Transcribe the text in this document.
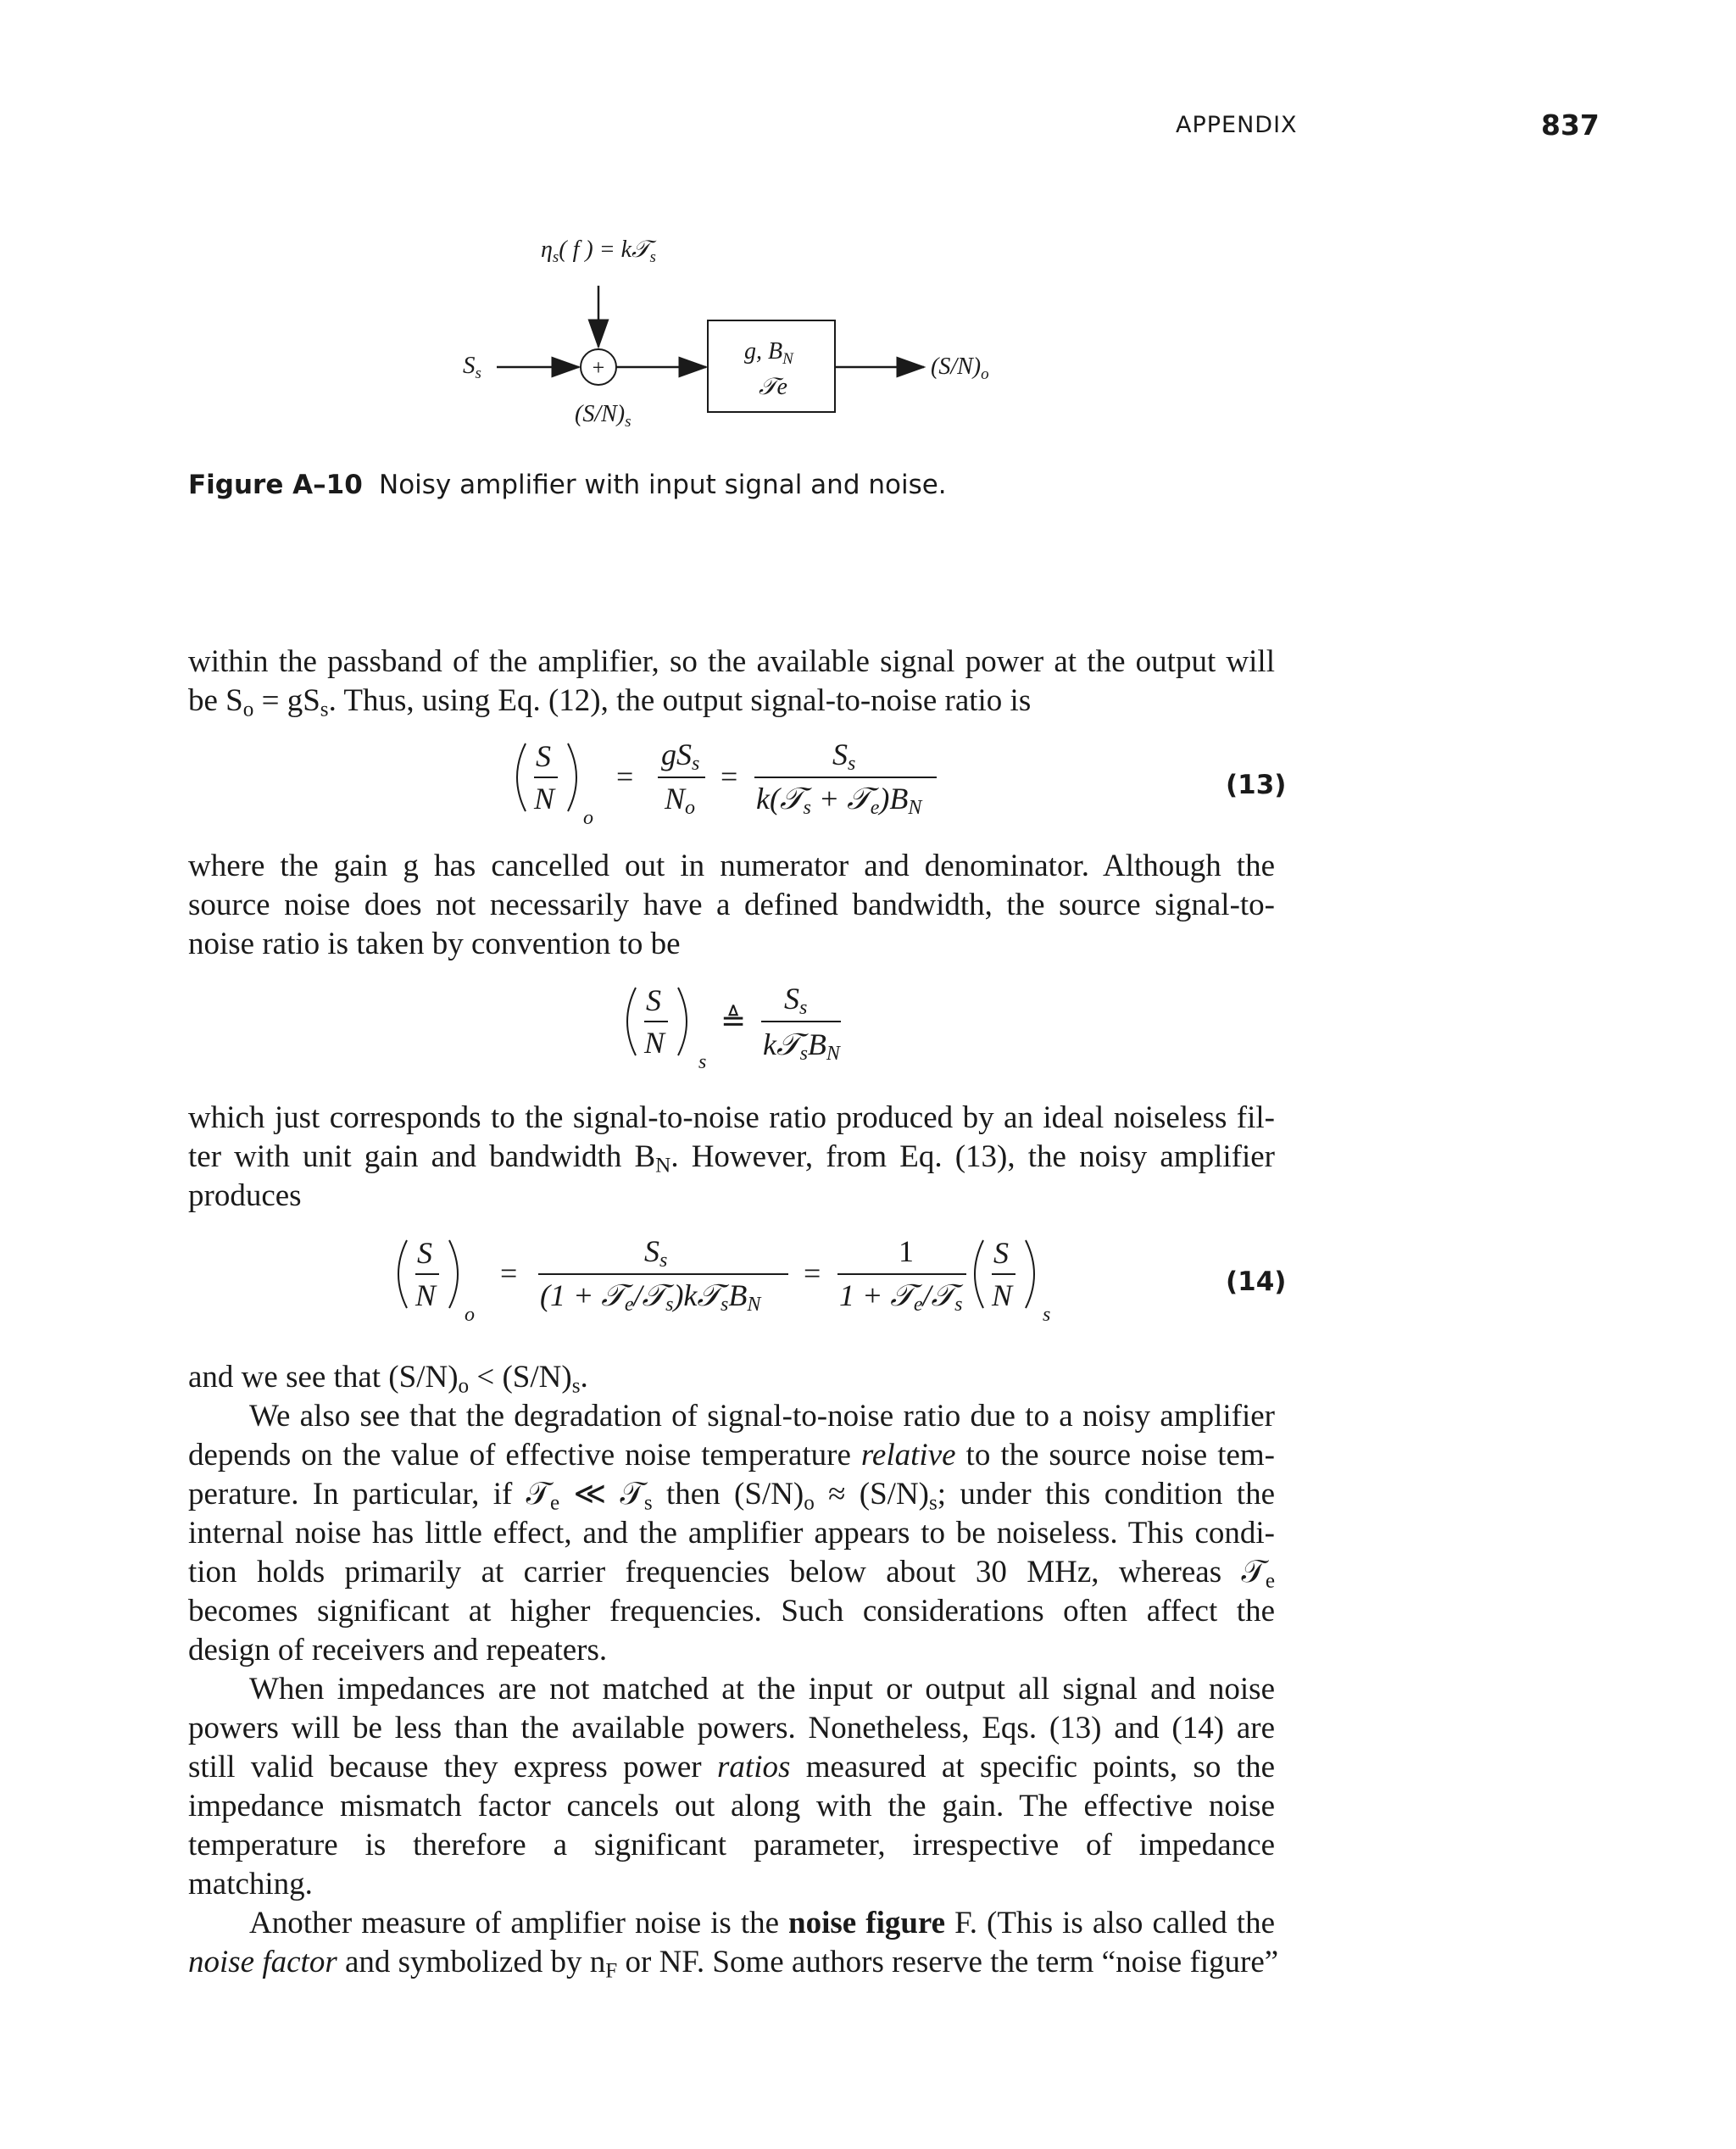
APPENDIX	837
$\eta_s$( f ) = k𝒯$_s$
$S_s$	+
$(S/N)_s$
g, $B_N$
𝒯e
$(S/N)_o$
Figure A–10 Noisy amplifier with input signal and noise.
within the passband of the amplifier, so the available signal power at the output will
be $S_o = gS_s$. Thus, using Eq. (12), the output signal-to-noise ratio is
S
N
o
=
gSs
No
=
Ss
k(𝒯s + 𝒯e)BN
(13)
where the gain g has cancelled out in numerator and denominator. Although the
source noise does not necessarily have a defined bandwidth, the source signal-to-
noise ratio is taken by convention to be
S
N
s
≜
Ss
k𝒯sBN
which just corresponds to the signal-to-noise ratio produced by an ideal noiseless fil-
ter with unit gain and bandwidth $B_N$. However, from Eq. (13), the noisy amplifier
produces
S
N
o
=
Ss
(1 + 𝒯e/𝒯s)k𝒯sBN
=
1
1 + 𝒯e/𝒯s
S
N
s
(14)
and we see that $(S/N)_o < (S/N)_s$.
We also see that the degradation of signal-to-noise ratio due to a noisy amplifier
depends on the value of effective noise temperature relative to the source noise tem-
perature. In particular, if 𝒯$_e$ ≪ 𝒯$_s$ then $(S/N)_o \approx (S/N)_s$; under this condition the
internal noise has little effect, and the amplifier appears to be noiseless. This condi-
tion holds primarily at carrier frequencies below about 30 MHz, whereas 𝒯$_e$
becomes significant at higher frequencies. Such considerations often affect the
design of receivers and repeaters.
When impedances are not matched at the input or output all signal and noise
powers will be less than the available powers. Nonetheless, Eqs. (13) and (14) are
still valid because they express power ratios measured at specific points, so the
impedance mismatch factor cancels out along with the gain. The effective noise
temperature is therefore a significant parameter, irrespective of impedance
matching.
Another measure of amplifier noise is the noise figure F. (This is also called the
noise factor and symbolized by $n_F$ or NF. Some authors reserve the term “noise figure”
